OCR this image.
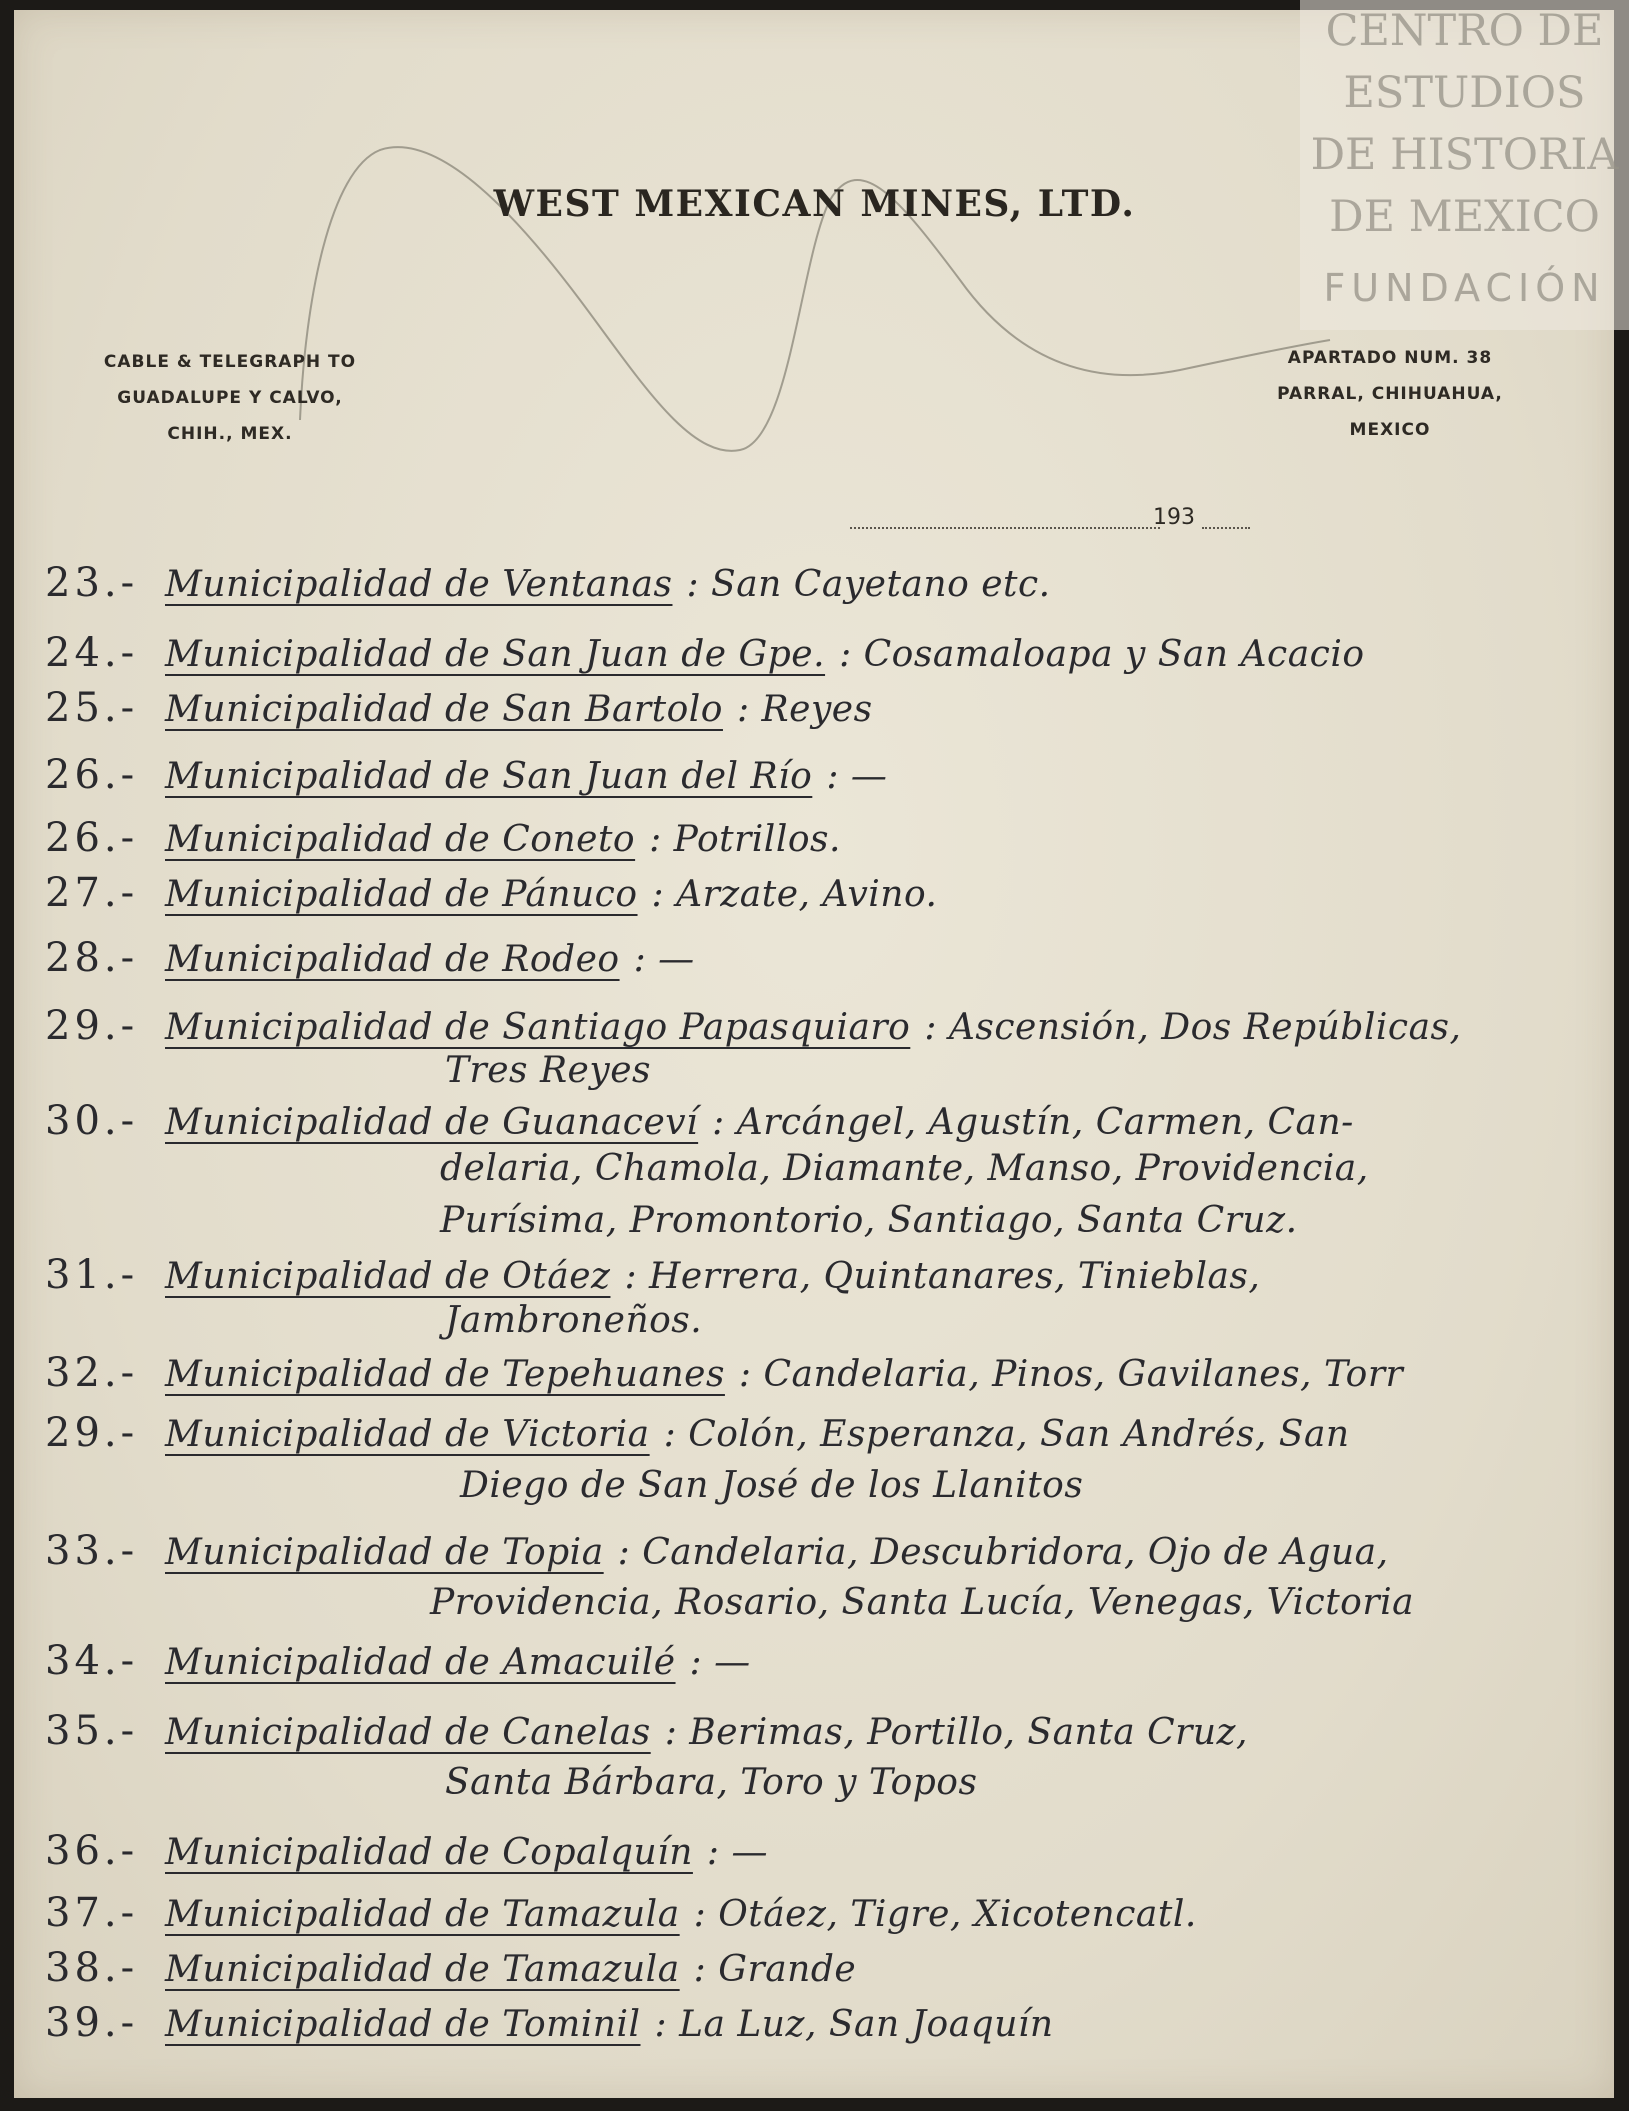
CENTRO DE
ESTUDIOS
DE HISTORIA
DE MEXICO
FUNDACIÓN
WEST MEXICAN MINES, LTD.
CABLE & TELEGRAPH TO
GUADALUPE Y CALVO,
CHIH., MEX.
APARTADO NUM. 38
PARRAL, CHIHUAHUA,
MEXICO
193
23.- Municipalidad de Ventanas : San Cayetano etc.
24.- Municipalidad de San Juan de Gpe. : Cosamaloapa y San Acacio
25.- Municipalidad de San Bartolo : Reyes
26.- Municipalidad de San Juan del Río : —
26.- Municipalidad de Coneto : Potrillos.
27.- Municipalidad de Pánuco : Arzate, Avino.
28.- Municipalidad de Rodeo : —
29.- Municipalidad de Santiago Papasquiaro : Ascensión, Dos Repúblicas,
Tres Reyes
30.- Municipalidad de Guanaceví : Arcángel, Agustín, Carmen, Can-
delaria, Chamola, Diamante, Manso, Providencia,
Purísima, Promontorio, Santiago, Santa Cruz.
31.- Municipalidad de Otáez : Herrera, Quintanares, Tinieblas,
Jambroneños.
32.- Municipalidad de Tepehuanes : Candelaria, Pinos, Gavilanes, Torr
29.- Municipalidad de Victoria : Colón, Esperanza, San Andrés, San
Diego de San José de los Llanitos
33.- Municipalidad de Topia : Candelaria, Descubridora, Ojo de Agua,
Providencia, Rosario, Santa Lucía, Venegas, Victoria
34.- Municipalidad de Amacuilé : —
35.- Municipalidad de Canelas : Berimas, Portillo, Santa Cruz,
Santa Bárbara, Toro y Topos
36.- Municipalidad de Copalquín : —
37.- Municipalidad de Tamazula : Otáez, Tigre, Xicotencatl.
38.- Municipalidad de Tamazula : Grande
39.- Municipalidad de Tominil : La Luz, San Joaquín
